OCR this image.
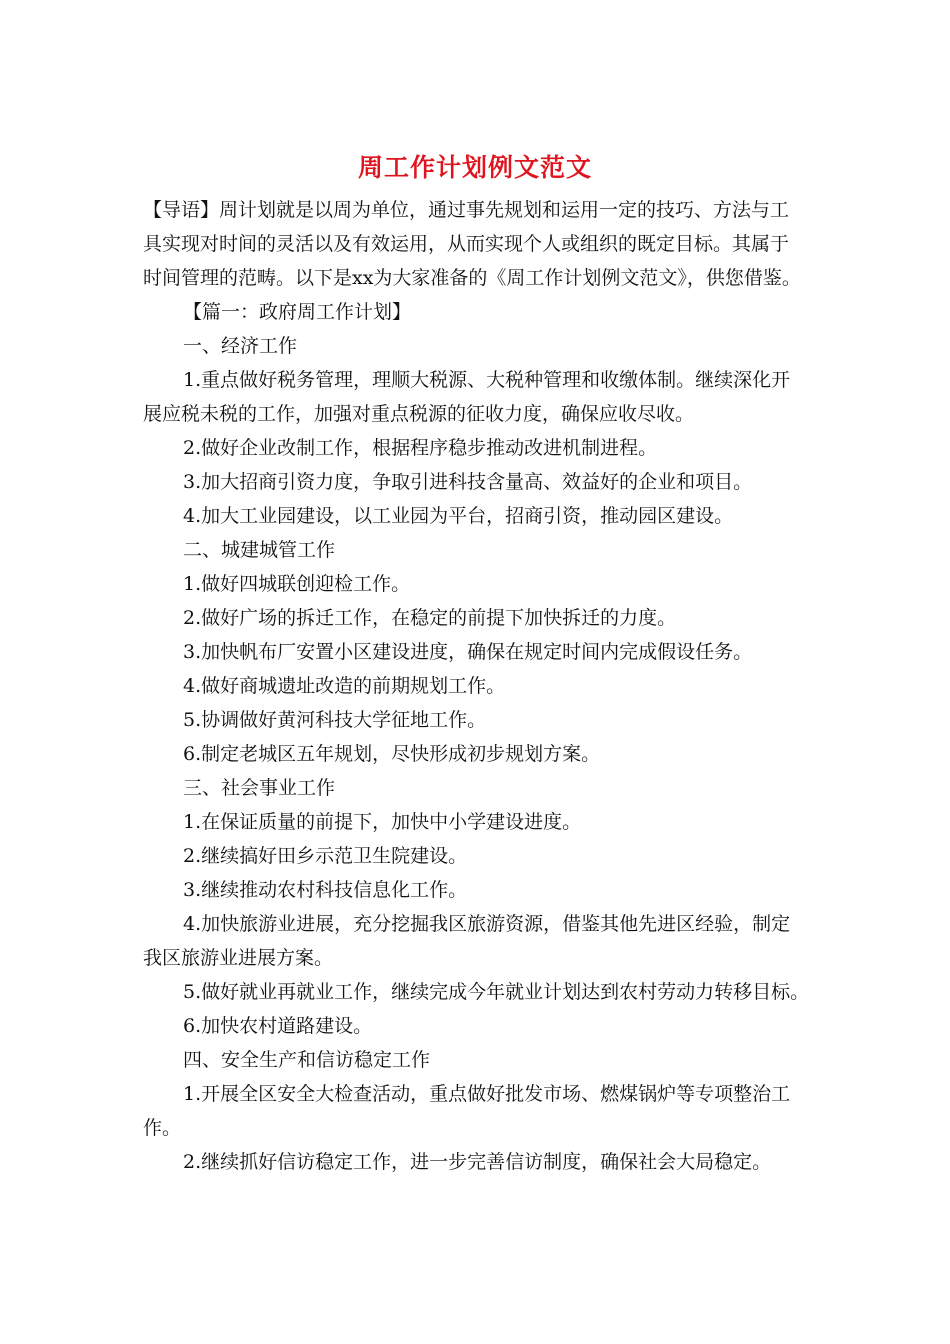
周工作计划例文范文
【导语】周计划就是以周为单位，通过事先规划和运用一定的技巧、方法与工
具实现对时间的灵活以及有效运用，从而实现个人或组织的既定目标。其属于
时间管理的范畴。以下是xx为大家准备的《周工作计划例文范文》，供您借鉴。
【篇一：政府周工作计划】
一、经济工作
1.重点做好税务管理，理顺大税源、大税种管理和收缴体制。继续深化开
展应税未税的工作，加强对重点税源的征收力度，确保应收尽收。
2.做好企业改制工作，根据程序稳步推动改进机制进程。
3.加大招商引资力度，争取引进科技含量高、效益好的企业和项目。
4.加大工业园建设，以工业园为平台，招商引资，推动园区建设。
二、城建城管工作
1.做好四城联创迎检工作。
2.做好广场的拆迁工作，在稳定的前提下加快拆迁的力度。
3.加快帆布厂安置小区建设进度，确保在规定时间内完成假设任务。
4.做好商城遗址改造的前期规划工作。
5.协调做好黄河科技大学征地工作。
6.制定老城区五年规划，尽快形成初步规划方案。
三、社会事业工作
1.在保证质量的前提下，加快中小学建设进度。
2.继续搞好田乡示范卫生院建设。
3.继续推动农村科技信息化工作。
4.加快旅游业进展，充分挖掘我区旅游资源，借鉴其他先进区经验，制定
我区旅游业进展方案。
5.做好就业再就业工作，继续完成今年就业计划达到农村劳动力转移目标。
6.加快农村道路建设。
四、安全生产和信访稳定工作
1.开展全区安全大检查活动，重点做好批发市场、燃煤锅炉等专项整治工
作。
2.继续抓好信访稳定工作，进一步完善信访制度，确保社会大局稳定。
